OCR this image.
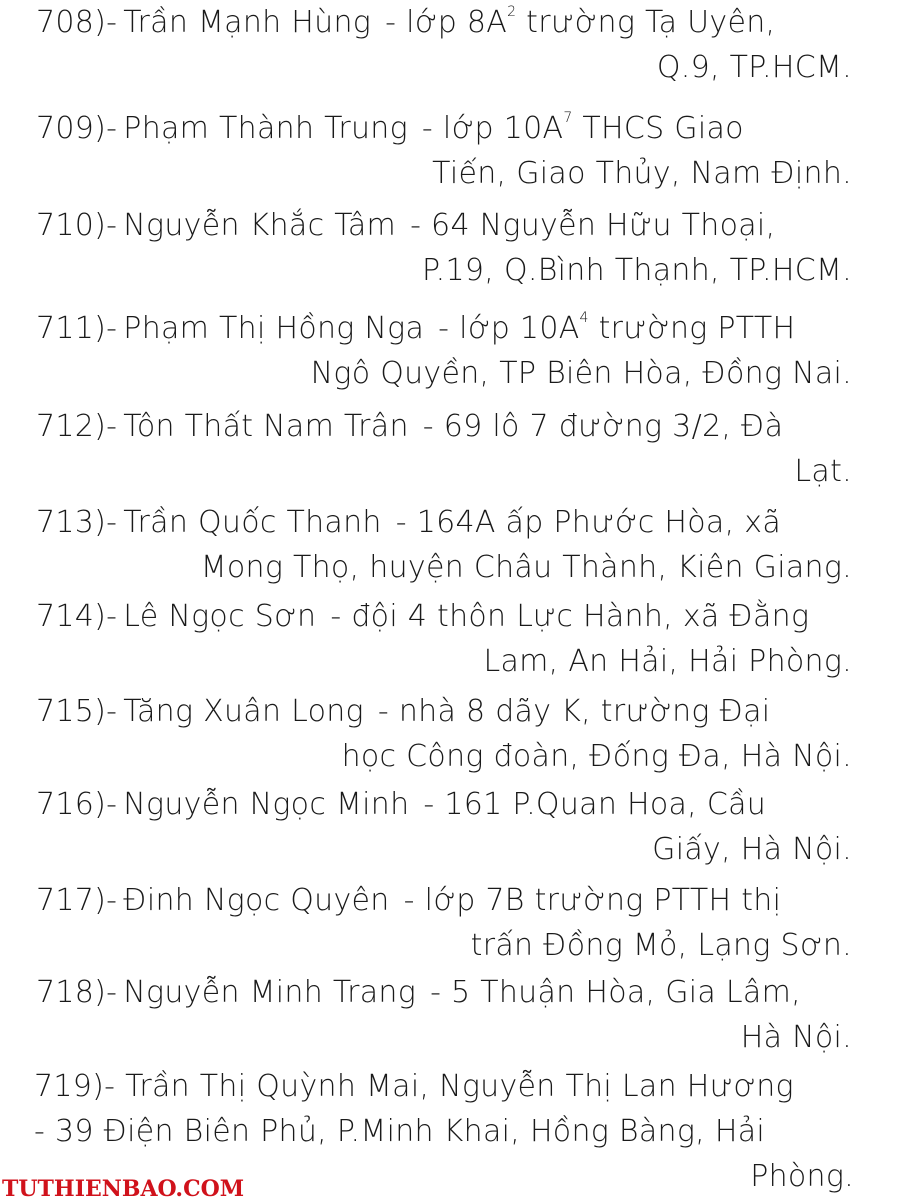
708)- Trần Mạnh Hùng - lớp $8A^2$ trường Tạ Uyên,
Q.9, TP.HCM.
709)- Phạm Thành Trung - lớp $10A^7$ THCS Giao
Tiến, Giao Thủy, Nam Định.
710)- Nguyễn Khắc Tâm - 64 Nguyễn Hữu Thoại,
P.19, Q.Bình Thạnh, TP.HCM.
711)- Phạm Thị Hồng Nga - lớp $10A^4$ trường PTTH
Ngô Quyền, TP Biên Hòa, Đồng Nai.
712)- Tôn Thất Nam Trân - 69 lô 7 đường 3/2, Đà
Lạt.
713)- Trần Quốc Thanh - 164A ấp Phước Hòa, xã
Mong Thọ, huyện Châu Thành, Kiên Giang.
714)- Lê Ngọc Sơn - đội 4 thôn Lực Hành, xã Đằng
Lam, An Hải, Hải Phòng.
715)- Tăng Xuân Long - nhà 8 dãy K, trường Đại
học Công đoàn, Đống Đa, Hà Nội.
716)- Nguyễn Ngọc Minh - 161 P.Quan Hoa, Cầu
Giấy, Hà Nội.
717)- Đinh Ngọc Quyên - lớp 7B trường PTTH thị
trấn Đồng Mỏ, Lạng Sơn.
718)- Nguyễn Minh Trang - 5 Thuận Hòa, Gia Lâm,
Hà Nội.
719)- Trần Thị Quỳnh Mai, Nguyễn Thị Lan Hương
- 39 Điện Biên Phủ, P.Minh Khai, Hồng Bàng, Hải
Phòng.
TUTHIENBAO.COM
